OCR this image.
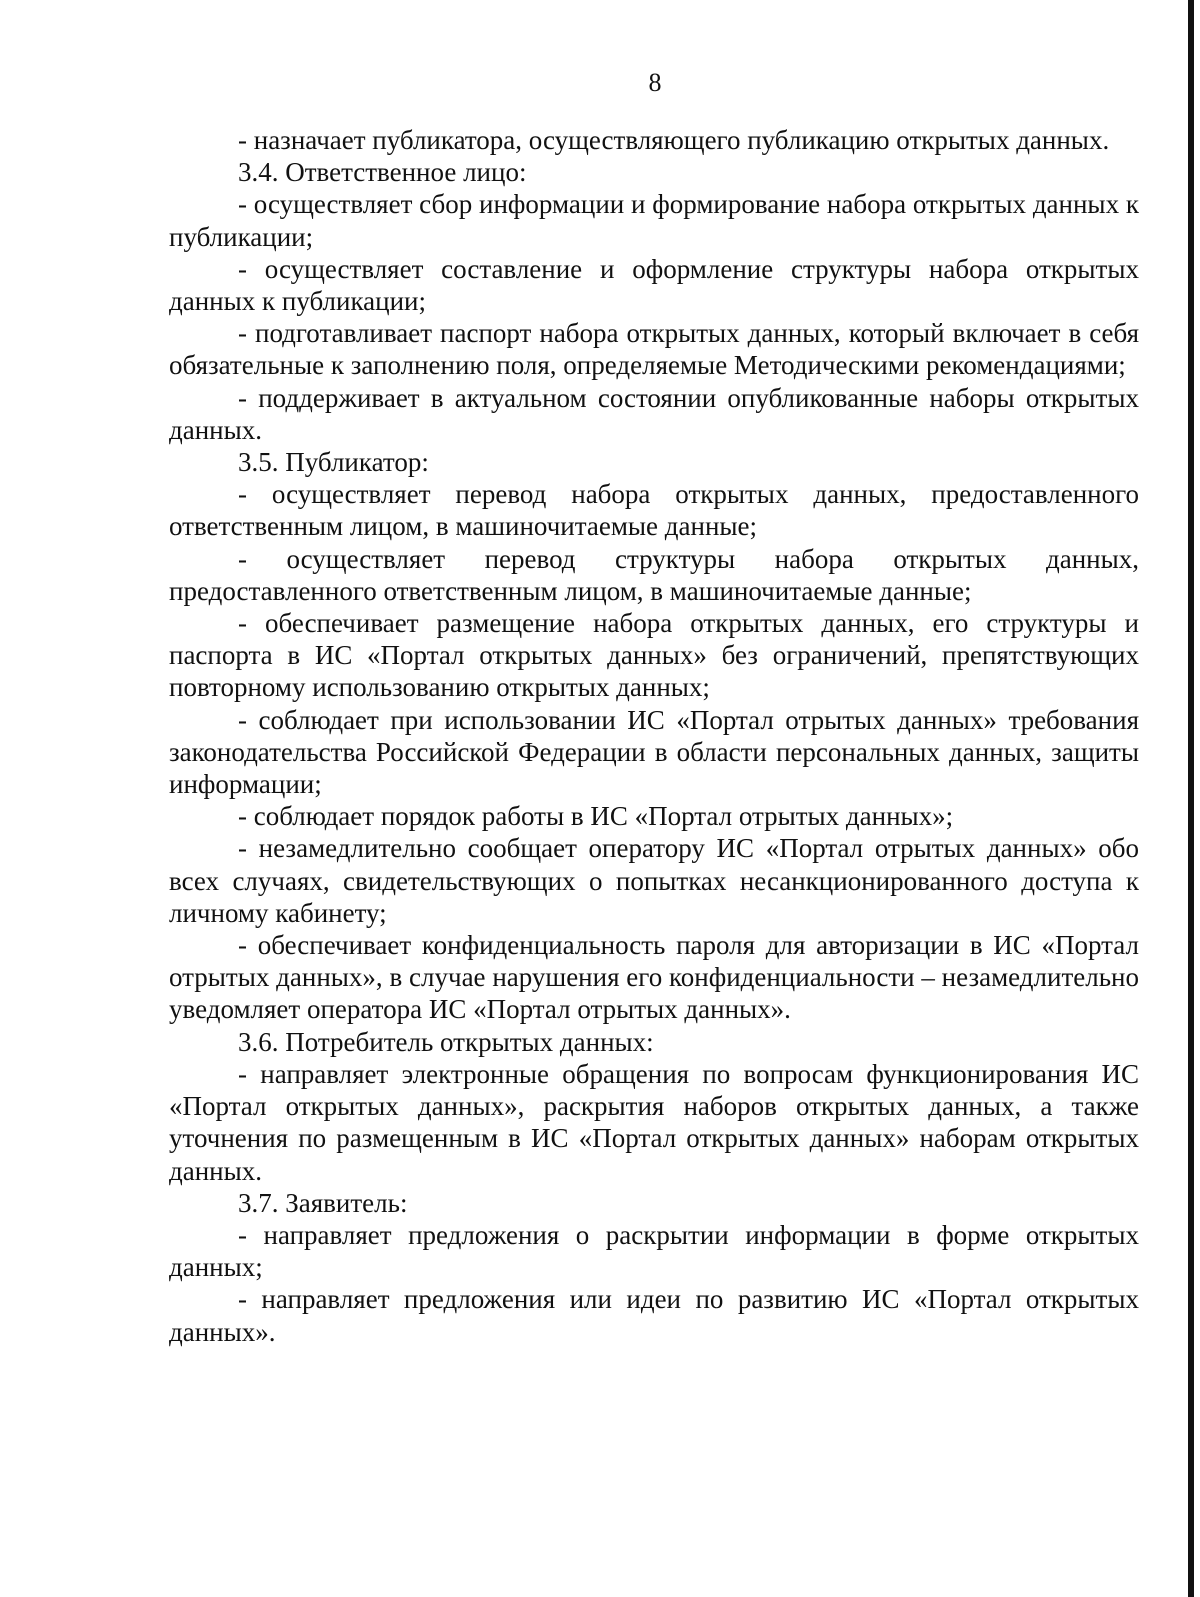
8

- назначает публикатора, осуществляющего публикацию открытых данных.

3.4. Ответственное лицо:

- осуществляет сбор информации и формирование набора открытых данных к публикации;

- осуществляет составление и оформление структуры набора открытых данных к публикации;

- подготавливает паспорт набора открытых данных, который включает в себя обязательные к заполнению поля, определяемые Методическими рекомендациями;

- поддерживает в актуальном состоянии опубликованные наборы открытых данных.

3.5. Публикатор:

- осуществляет перевод набора открытых данных, предоставленного ответственным лицом, в машиночитаемые данные;

- осуществляет перевод структуры набора открытых данных, предоставленного ответственным лицом, в машиночитаемые данные;

- обеспечивает размещение набора открытых данных, его структуры и паспорта в ИС «Портал открытых данных» без ограничений, препятствующих повторному использованию открытых данных;

- соблюдает при использовании ИС «Портал отрытых данных» требования законодательства Российской Федерации в области персональных данных, защиты информации;

- соблюдает порядок работы в ИС «Портал отрытых данных»;

- незамедлительно сообщает оператору ИС «Портал отрытых данных» обо всех случаях, свидетельствующих о попытках несанкционированного доступа к личному кабинету;

- обеспечивает конфиденциальность пароля для авторизации в ИС «Портал отрытых данных», в случае нарушения его конфиденциальности – незамедлительно уведомляет оператора ИС «Портал отрытых данных».

3.6. Потребитель открытых данных:

- направляет электронные обращения по вопросам функционирования ИС «Портал открытых данных», раскрытия наборов открытых данных, а также уточнения по размещенным в ИС «Портал открытых данных» наборам открытых данных.

3.7. Заявитель:

- направляет предложения о раскрытии информации в форме открытых данных;

- направляет предложения или идеи по развитию ИС «Портал открытых данных».
